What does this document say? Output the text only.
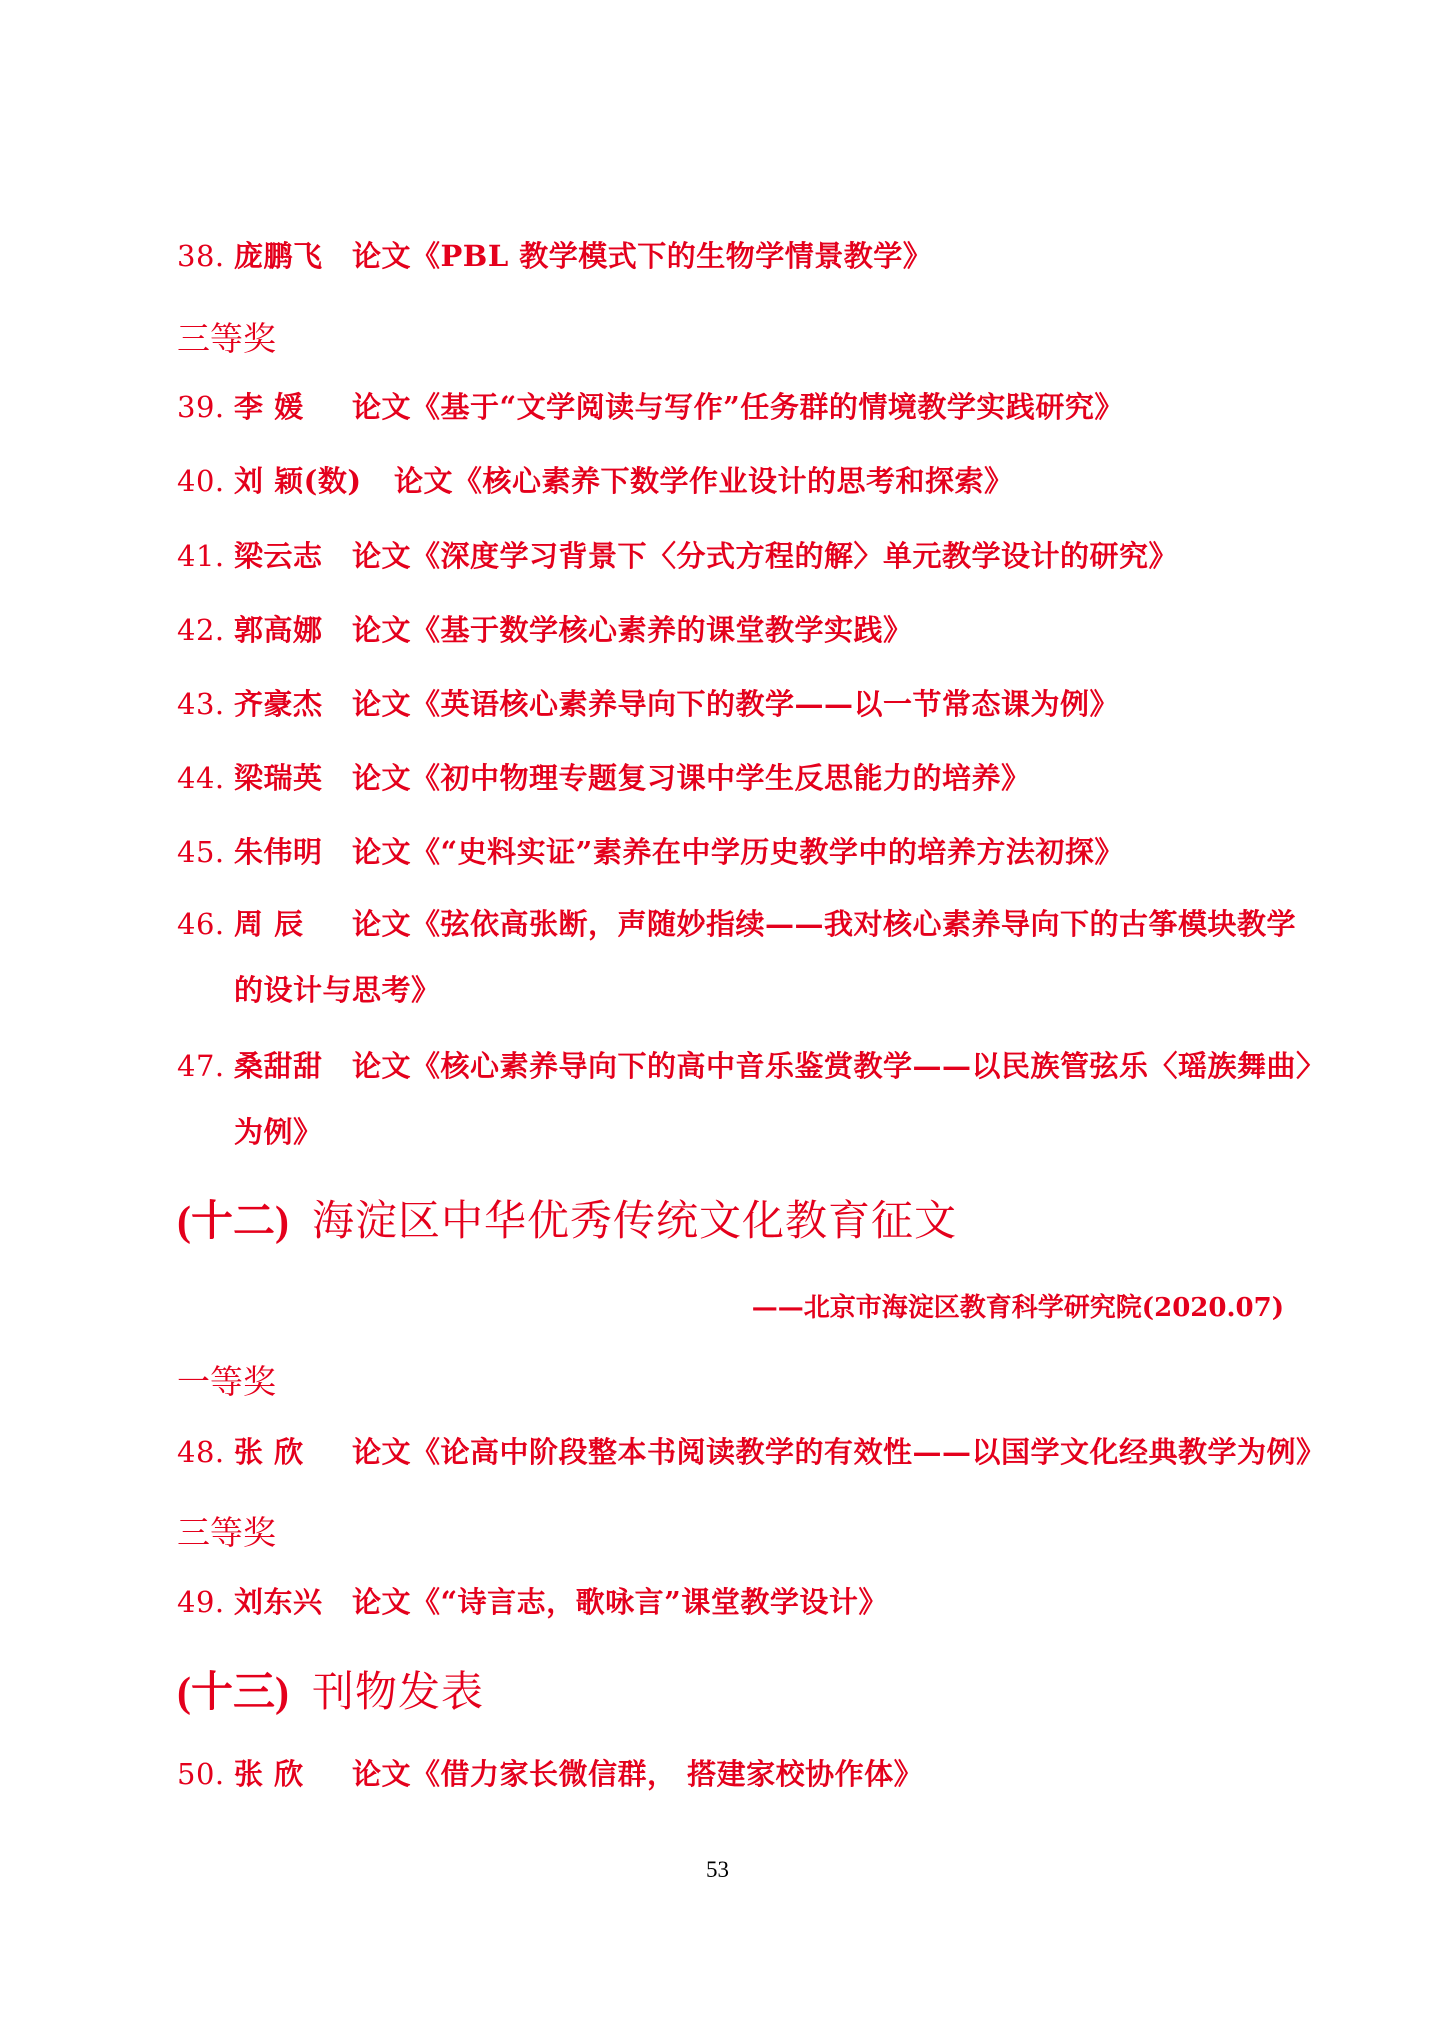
38. 庞鹏飞 论文《PBL 教学模式下的生物学情景教学》
三等奖
39. 李 媛 论文《基于“文学阅读与写作”任务群的情境教学实践研究》
40. 刘 颖(数) 论文《核心素养下数学作业设计的思考和探索》
41. 梁云志 论文《深度学习背景下〈分式方程的解〉单元教学设计的研究》
42. 郭高娜 论文《基于数学核心素养的课堂教学实践》
43. 齐豪杰 论文《英语核心素养导向下的教学——以一节常态课为例》
44. 梁瑞英 论文《初中物理专题复习课中学生反思能力的培养》
45. 朱伟明 论文《“史料实证”素养在中学历史教学中的培养方法初探》
46. 周 辰 论文《弦依高张断，声随妙指续——我对核心素养导向下的古筝模块教学
的设计与思考》
47. 桑甜甜 论文《核心素养导向下的高中音乐鉴赏教学——以民族管弦乐〈瑶族舞曲〉
为例》
(十二) 海淀区中华优秀传统文化教育征文
——北京市海淀区教育科学研究院(2020.07)
一等奖
48. 张 欣 论文《论高中阶段整本书阅读教学的有效性——以国学文化经典教学为例》
三等奖
49. 刘东兴 论文《“诗言志，歌咏言”课堂教学设计》
(十三) 刊物发表
50. 张 欣 论文《借力家长微信群， 搭建家校协作体》
53
